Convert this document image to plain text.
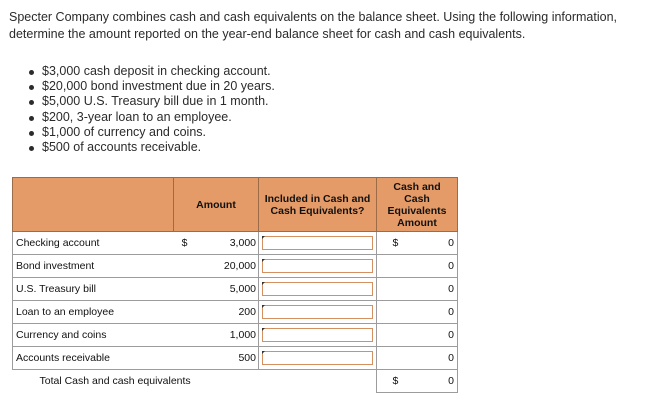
Specter Company combines cash and cash equivalents on the balance sheet. Using the following information, determine the amount reported on the year-end balance sheet for cash and cash equivalents.

$3,000 cash deposit in checking account.
$20,000 bond investment due in 20 years.
$5,000 U.S. Treasury bill due in 1 month.
$200, 3-year loan to an employee.
$1,000 of currency and coins.
$500 of accounts receivable.
	Amount		Included in Cash and Cash Equivalents?	Cash and Cash Equivalents Amount	
Checking account	$	3,000		$	0
Bond investment		20,000			0
U.S. Treasury bill		5,000			0
Loan to an employee		200			0
Currency and coins		1,000			0
Accounts receivable		500			0
Total Cash and cash equivalents				$	0
